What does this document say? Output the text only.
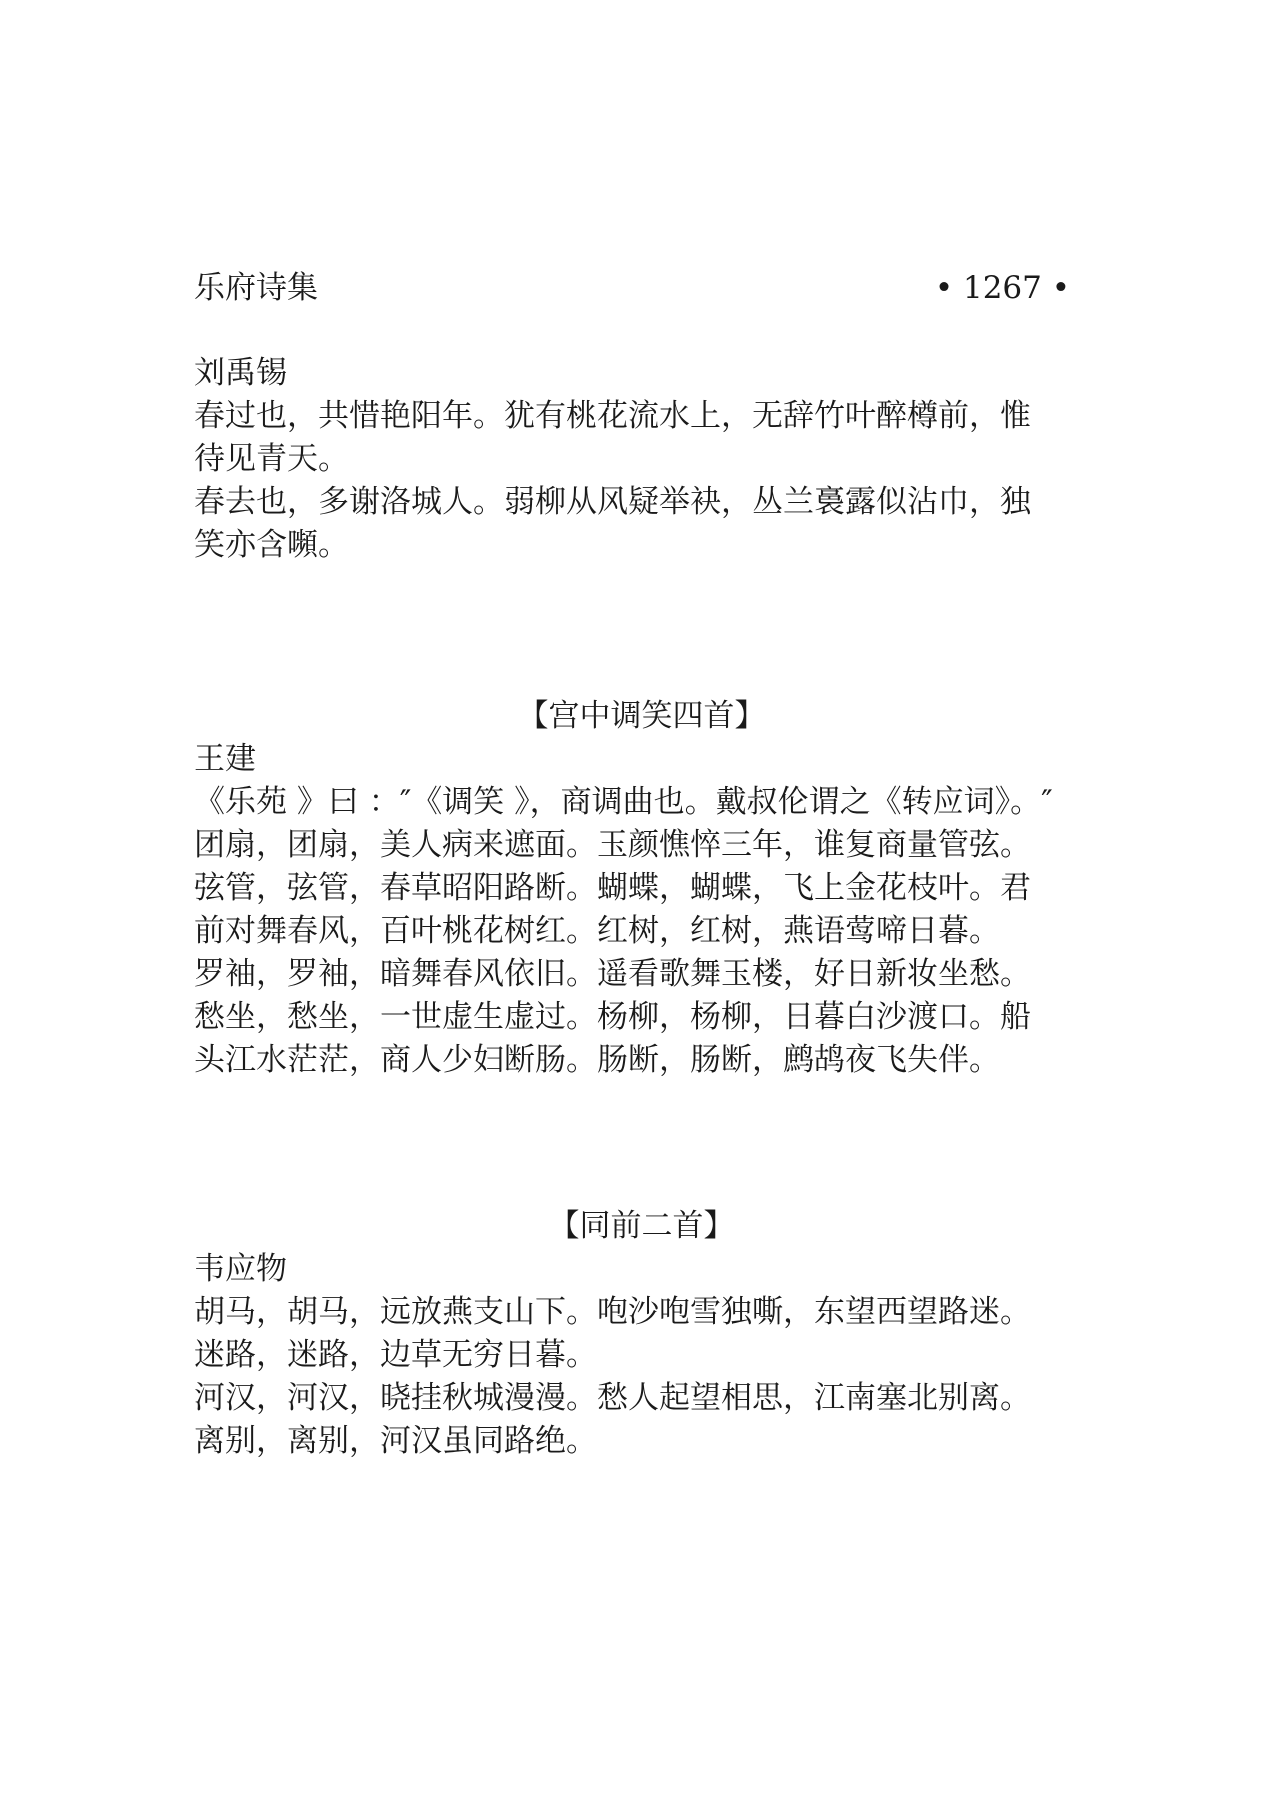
乐府诗集	• 1267 •
刘禹锡
春过也，共惜艳阳年。犹有桃花流水上，无辞竹叶醉樽前，惟
待见青天。
春去也，多谢洛城人。弱柳从风疑举袂，丛兰裛露似沾巾，独
笑亦含嚬。
【宫中调笑四首】
王建
《乐苑 》曰 ：″《调笑 》，商调曲也。戴叔伦谓之《转应词》。″
团扇，团扇，美人病来遮面。玉颜憔悴三年，谁复商量管弦。
弦管，弦管，春草昭阳路断。蝴蝶，蝴蝶，飞上金花枝叶。君
前对舞春风，百叶桃花树红。红树，红树，燕语莺啼日暮。
罗袖，罗袖，暗舞春风依旧。遥看歌舞玉楼，好日新妆坐愁。
愁坐，愁坐，一世虚生虚过。杨柳，杨柳，日暮白沙渡口。船
头江水茫茫，商人少妇断肠。肠断，肠断，鹧鸪夜飞失伴。
【同前二首】
韦应物
胡马，胡马，远放燕支山下。咆沙咆雪独嘶，东望西望路迷。
迷路，迷路，边草无穷日暮。
河汉，河汉，晓挂秋城漫漫。愁人起望相思，江南塞北别离。
离别，离别，河汉虽同路绝。
